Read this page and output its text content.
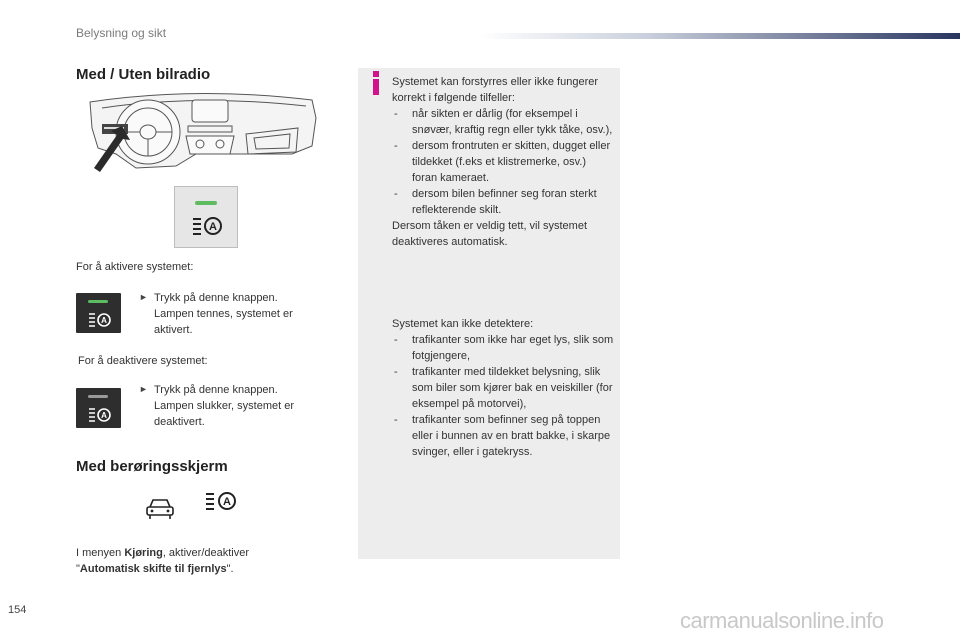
Belysning og sikt
Med / Uten bilradio
A
For å aktivere systemet:
A
► Trykk på denne knappen.
Lampen tennes, systemet er aktivert.
For å deaktivere systemet:
A
► Trykk på denne knappen.
Lampen slukker, systemet er deaktivert.
Med berøringsskjerm
A
I menyen Kjøring, aktiver/deaktiver
"Automatisk skifte til fjernlys".
Systemet kan forstyrres eller ikke fungerer korrekt i følgende tilfeller:
- når sikten er dårlig (for eksempel i snøvær, kraftig regn eller tykk tåke, osv.),
- dersom frontruten er skitten, dugget eller tildekket (f.eks et klistremerke, osv.) foran kameraet.
- dersom bilen befinner seg foran sterkt reflekterende skilt.
Dersom tåken er veldig tett, vil systemet deaktiveres automatisk.
Systemet kan ikke detektere:
- trafikanter som ikke har eget lys, slik som fotgjengere,
- trafikanter med tildekket belysning, slik som biler som kjører bak en veiskiller (for eksempel på motorvei),
- trafikanter som befinner seg på toppen eller i bunnen av en bratt bakke, i skarpe svinger, eller i gatekryss.
154	carmanualsonline.info
